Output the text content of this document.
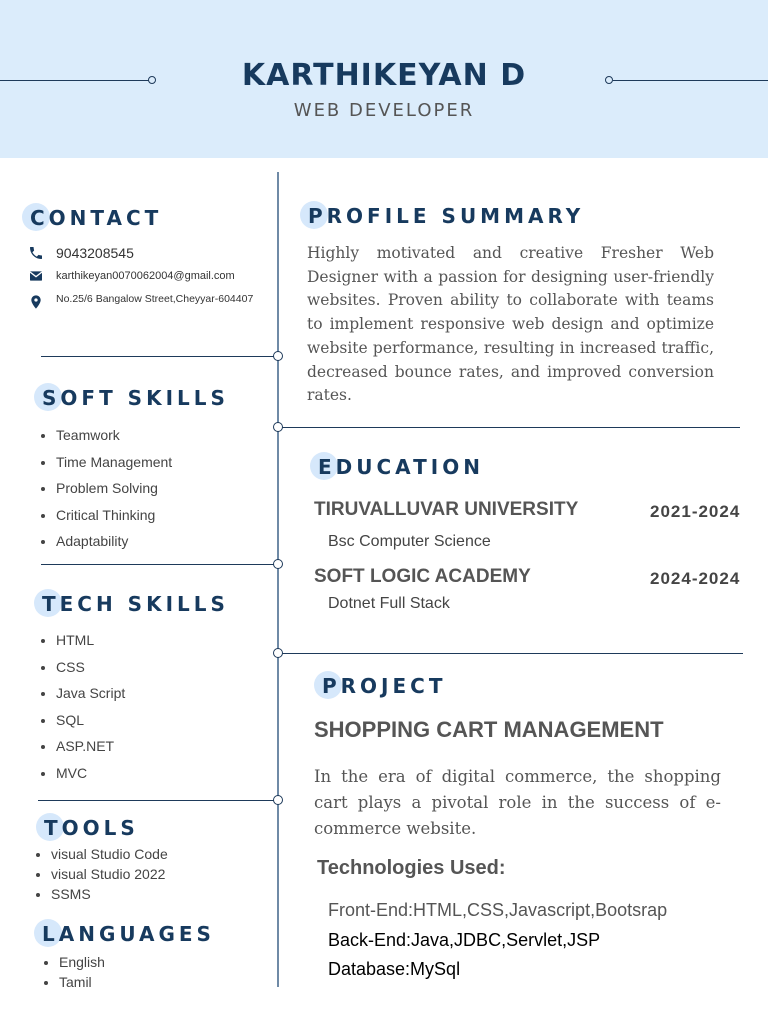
KARTHIKEYAN D
WEB DEVELOPER
CONTACT
9043208545
karthikeyan0070062004@gmail.com
No.25/6 Bangalow Street,Cheyyar-604407
SOFT SKILLS
• Teamwork
• Time Management
• Problem Solving
• Critical Thinking
• Adaptability
TECH SKILLS
• HTML
• CSS
• Java Script
• SQL
• ASP.NET
• MVC
TOOLS
• visual Studio Code
• visual Studio 2022
• SSMS
LANGUAGES
• English
• Tamil
PROFILE SUMMARY
Highly motivated and creative Fresher Web Designer with a passion for designing user-friendly websites. Proven ability to collaborate with teams to implement responsive web design and optimize website performance, resulting in increased traffic, decreased bounce rates, and improved conversion rates.
EDUCATION
TIRUVALLUVAR UNIVERSITY	2021-2024
Bsc Computer Science
SOFT LOGIC ACADEMY	2024-2024
Dotnet Full Stack
PROJECT
SHOPPING CART MANAGEMENT
In the era of digital commerce, the shopping cart plays a pivotal role in the success of e-commerce website.
Technologies Used:
Front-End:HTML,CSS,Javascript,Bootsrap
Back-End:Java,JDBC,Servlet,JSP
Database:MySql
